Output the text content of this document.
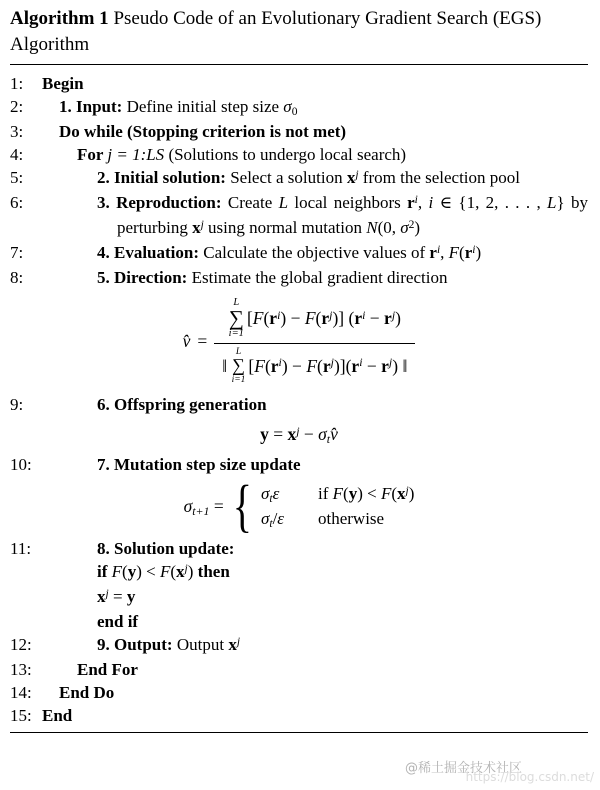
Algorithm 1 Pseudo Code of an Evolutionary Gradient Search (EGS) Algorithm
1:	Begin
2:	1. Input: Define initial step size σ0
3:	Do while (Stopping criterion is not met)
4:	For j = 1:LS (Solutions to undergo local search)
5:	2. Initial solution: Select a solution $x^j$ from the selection pool
6:	3. Reproduction: Create L local neighbors $r^i$, i ∈ {1, 2, . . . , L} by perturbing $x^j$ using normal mutation N(0, $\sigma^2$)
7:	4. Evaluation: Calculate the objective values of $r^i$, $F(r^i)$
8:	5. Direction: Estimate the global gradient direction
v̂ =
L
∑
i=1
$[F(r^i) - F(r^j)] (r^i - r^j)$
‖

L
∑
i=1
$[F(r^i) - F(r^j)](r^i - r^j)$
‖
9:	6. Offspring generation
$y = x^j$ − σtv̂
10:	7. Mutation step size update
σt+1 = { σtε if $F(y) < F(x^j)$
σt/ε otherwise
11:	8. Solution update:
if $F(y) < F(x^j)$ then
$x^j = y$
end if
12:	9. Output: Output $x^j$
13:	End For
14:	End Do
15: End
@稀土掘金技术社区
https://blog.csdn.net/
